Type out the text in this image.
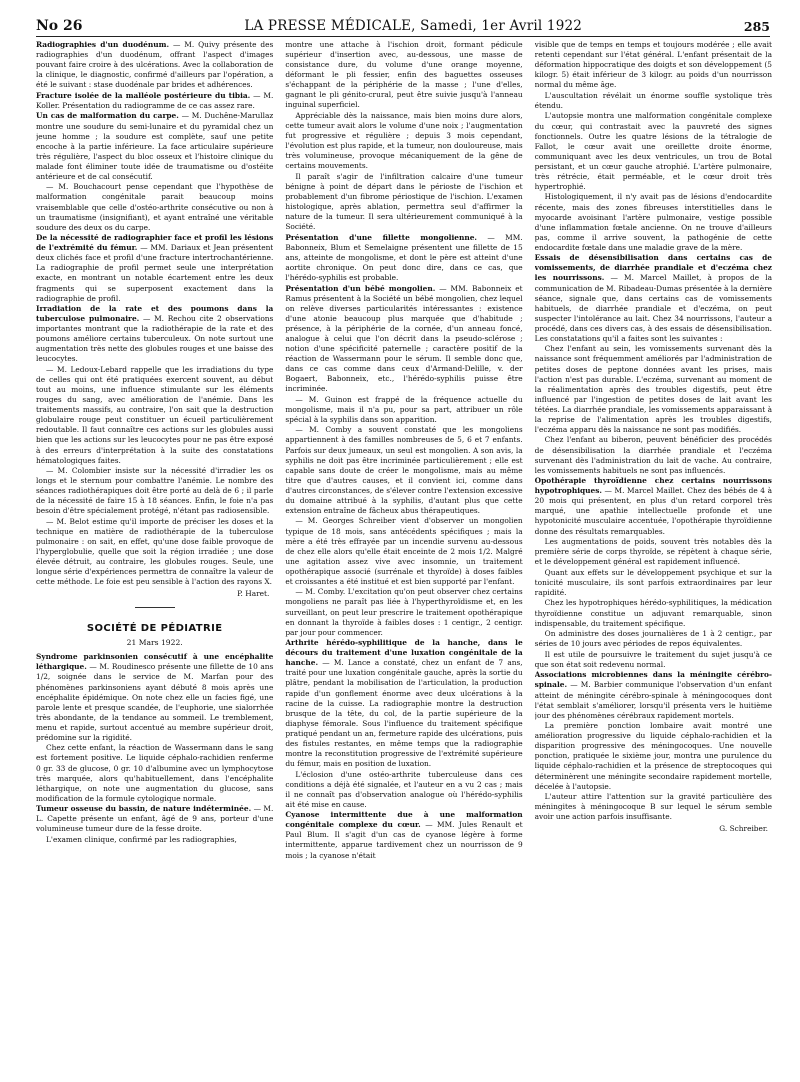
No 26	LA PRESSE MÉDICALE, Samedi, 1er Avril 1922	285

Radiographies d'un duodénum. — M. Quivy présente des radiographies d'un duodénum, offrant l'aspect d'images pouvant faire croire à des ulcérations. Avec la collaboration de la clinique, le diagnostic, confirmé d'ailleurs par l'opération, a été le suivant : stase duodénale par brides et adhérences.

Fracture isolée de la malléole postérieure du tibia. — M. Koller. Présentation du radiogramme de ce cas assez rare.

Un cas de malformation du carpe. — M. Duchêne-Marullaz montre une soudure du semi-lunaire et du pyramidal chez un jeune homme ; la soudure est complète, sauf une petite encoche à la partie inférieure. La face articulaire supérieure très régulière, l'aspect du bloc osseux et l'histoire clinique du malade font éliminer toute idée de traumatisme ou d'ostéite antérieure et de cal consécutif.

— M. Bouchacourt pense cependant que l'hypothèse de malformation congénitale parait beaucoup moins vraisemblable que celle d'ostéo-arthrite consécutive ou non à un traumatisme (insignifiant), et ayant entraîné une véritable soudure des deux os du carpe.

De la nécessité de radiographier face et profil les lésions de l'extrémité du fémur. — MM. Dariaux et Jean présentent deux clichés face et profil d'une fracture intertrochantérienne. La radiographie de profil permet seule une interprétation exacte, en montrant un notable écartement entre les deux fragments qui se superposent exactement dans la radiographie de profil.

Irradiation de la rate et des poumons dans la tuberculose pulmonaire. — M. Rechou cite 2 observations importantes montrant que la radiothérapie de la rate et des poumons améliore certains tuberculeux. On note surtout une augmentation très nette des globules rouges et une baisse des leucocytes.

— M. Ledoux-Lebard rappelle que les irradiations du type de celles qui ont été pratiquées exercent souvent, au début tout au moins, une influence stimulante sur les éléments rouges du sang, avec amélioration de l'anémie. Dans les traitements massifs, au contraire, l'on sait que la destruction globulaire rouge peut constituer un écueil particulièrement redoutable. Il faut connaître ces actions sur les globules aussi bien que les actions sur les leucocytes pour ne pas être exposé à des erreurs d'interprétation à la suite des constatations hématologiques faites.

— M. Colombier insiste sur la nécessité d'irradier les os longs et le sternum pour combattre l'anémie. Le nombre des séances radiothérapiques doit être porté au delà de 6 ; il parle de la nécessité de faire 15 à 18 séances. Enfin, le foie n'a pas besoin d'être spécialement protégé, n'étant pas radiosensible.

— M. Belot estime qu'il importe de préciser les doses et la technique en matière de radiothérapie de la tuberculose pulmonaire : on sait, en effet, qu'une dose faible provoque de l'hyperglobulie, quelle que soit la région irradiée ; une dose élevée détruit, au contraire, les globules rouges. Seule, une longue série d'expériences permettra de connaître la valeur de cette méthode. Le foie est peu sensible à l'action des rayons X.

P. Haret.
SOCIÉTÉ DE PÉDIATRIE
21 Mars 1922.

Syndrome parkinsonien consécutif à une encéphalite léthargique. — M. Roudinesco présente une fillette de 10 ans 1/2, soignée dans le service de M. Marfan pour des phénomènes parkinsoniens ayant débuté 8 mois après une encéphalite épidémique. On note chez elle un facies figé, une parole lente et presque scandée, de l'euphorie, une sialorrhée très abondante, de la tendance au sommeil. Le tremblement, menu et rapide, surtout accentué au membre supérieur droit, prédomine sur la rigidité.

Chez cette enfant, la réaction de Wassermann dans le sang est fortement positive. Le liquide céphalo-rachidien renferme 0 gr. 33 de glucose, 0 gr. 10 d'albumine avec un lymphocytose très marquée, alors qu'habituellement, dans l'encéphalite léthargique, on note une augmentation du glucose, sans modification de la formule cytologique normale.

Tumeur osseuse du bassin, de nature indéterminée. — M. L. Capette présente un enfant, âgé de 9 ans, porteur d'une volumineuse tumeur dure de la fesse droite.

L'examen clinique, confirmé par les radiographies,

montre une attache à l'ischion droit, formant pédicule supérieur d'insertion avec, au-dessous, une masse de consistance dure, du volume d'une orange moyenne, déformant le pli fessier, enfin des baguettes osseuses s'échappant de la périphérie de la masse ; l'une d'elles, gagnant le pli génito-crural, peut être suivie jusqu'à l'anneau inguinal superficiel.

Appréciable dès la naissance, mais bien moins dure alors, cette tumeur avait alors le volume d'une noix ; l'augmentation fut progressive et régulière ; depuis 3 mois cependant, l'évolution est plus rapide, et la tumeur, non douloureuse, mais très volumineuse, provoque mécaniquement de la gêne de certains mouvements.

Il paraît s'agir de l'infiltration calcaire d'une tumeur bénigne à point de départ dans le périoste de l'ischion et probablement d'un fibrome périostique de l'ischion. L'examen histologique, après ablation, permettra seul d'affirmer la nature de la tumeur. Il sera ultérieurement communiqué à la Société.

Présentation d'une fillette mongolienne. — MM. Babonneix, Blum et Semelaigne présentent une fillette de 15 ans, atteinte de mongolisme, et dont le père est atteint d'une aortite chronique. On peut donc dire, dans ce cas, que l'hérédo-syphilis est probable.

Présentation d'un bébé mongolien. — MM. Babonneix et Ramus présentent à la Société un bébé mongolien, chez lequel on relève diverses particularités intéressantes : existence d'une atonie beaucoup plus marquée que d'habitude ; présence, à la périphérie de la cornée, d'un anneau foncé, analogue à celui que l'on décrit dans la pseudo-sclérose ; notion d'une spécificité paternelle ; caractère positif de la réaction de Wassermann pour le sérum. Il semble donc que, dans ce cas comme dans ceux d'Armand-Delille, v. der Bogaert, Babonneix, etc., l'hérédo-syphilis puisse être incriminée.

— M. Guinon est frappé de la fréquence actuelle du mongolisme, mais il n'a pu, pour sa part, attribuer un rôle spécial à la syphilis dans son apparition.

— M. Comby a souvent constaté que les mongoliens appartiennent à des familles nombreuses de 5, 6 et 7 enfants. Parfois sur deux jumeaux, un seul est mongolien. A son avis, la syphilis ne doit pas être incriminée particulièrement ; elle est capable sans doute de créer le mongolisme, mais au même titre que d'autres causes, et il convient ici, comme dans d'autres circonstances, de s'élever contre l'extension excessive du domaine attribué à la syphilis, d'autant plus que cette extension entraîne de fâcheux abus thérapeutiques.

— M. Georges Schreiber vient d'observer un mongolien typique de 18 mois, sans antécédents spécifiques ; mais la mère a été très effrayée par un incendie survenu au-dessous de chez elle alors qu'elle était enceinte de 2 mois 1/2. Malgré une agitation assez vive avec insomnie, un traitement opothérapique associé (surrénale et thyroïde) à doses faibles et croissantes a été institué et est bien supporté par l'enfant.

— M. Comby. L'excitation qu'on peut observer chez certains mongoliens ne paraît pas liée à l'hyperthyroïdisme et, en les surveillant, on peut leur prescrire le traitement opothérapique en donnant la thyroïde à faibles doses : 1 centigr., 2 centigr. par jour pour commencer.

Arthrite hérédo-syphilitique de la hanche, dans le décours du traitement d'une luxation congénitale de la hanche. — M. Lance a constaté, chez un enfant de 7 ans, traité pour une luxation congénitale gauche, après la sortie du plâtre, pendant la mobilisation de l'articulation, la production rapide d'un gonflement énorme avec deux ulcérations à la racine de la cuisse. La radiographie montre la destruction brusque de la tête, du col, de la partie supérieure de la diaphyse fémorale. Sous l'influence du traitement spécifique pratiqué pendant un an, fermeture rapide des ulcérations, puis des fistules restantes, en même temps que la radiographie montre la reconstitution progressive de l'extrémité supérieure du fémur, mais en position de luxation.

L'éclosion d'une ostéo-arthrite tuberculeuse dans ces conditions a déjà été signalée, et l'auteur en a vu 2 cas ; mais il ne connaît pas d'observation analogue où l'hérédo-syphilis ait été mise en cause.

Cyanose intermittente due à une malformation congénitale complexe du cœur. — MM. Jules Renault et Paul Blum. Il s'agit d'un cas de cyanose légère à forme intermittente, apparue tardivement chez un nourrisson de 9 mois ; la cyanose n'était

visible que de temps en temps et toujours modérée ; elle avait retenti cependant sur l'état général. L'enfant présentait de la déformation hippocratique des doigts et son développement (5 kilogr. 5) était inférieur de 3 kilogr. au poids d'un nourrisson normal du même âge.

L'auscultation révélait un énorme souffle systolique très étendu.

L'autopsie montra une malformation congénitale complexe du cœur, qui contrastait avec la pauvreté des signes fonctionnels. Outre les quatre lésions de la tétralogie de Fallot, le cœur avait une oreillette droite énorme, communiquant avec les deux ventricules, un trou de Botal persistant, et un cœur gauche atrophié. L'artère pulmonaire, très rétrécie, était perméable, et le cœur droit très hypertrophié.

Histologiquement, il n'y avait pas de lésions d'endocardite récente, mais des zones fibreuses interstitielles dans le myocarde avoisinant l'artère pulmonaire, vestige possible d'une inflammation fœtale ancienne. On ne trouve d'ailleurs pas, comme il arrive souvent, la pathogénie de cette endocardite fœtale dans une maladie grave de la mère.

Essais de désensibilisation dans certains cas de vomissements, de diarrhée prandiale et d'eczéma chez les nourrissons. — M. Marcel Maillet, à propos de la communication de M. Ribadeau-Dumas présentée à la dernière séance, signale que, dans certains cas de vomissements habituels, de diarrhée prandiale et d'eczéma, on peut suspecter l'intolérance au lait. Chez 34 nourrissons, l'auteur a procédé, dans ces divers cas, à des essais de désensibilisation. Les constatations qu'il a faites sont les suivantes :

Chez l'enfant au sein, les vomissements survenant dès la naissance sont fréquemment améliorés par l'administration de petites doses de peptone données avant les prises, mais l'action n'est pas durable. L'eczéma, survenant au moment de la réalimentation après des troubles digestifs, peut être influencé par l'ingestion de petites doses de lait avant les tétées. La diarrhée prandiale, les vomissements apparaissant à la reprise de l'alimentation après les troubles digestifs, l'eczéma apparu dès la naissance ne sont pas modifiés.

Chez l'enfant au biberon, peuvent bénéficier des procédés de désensibilisation la diarrhée prandiale et l'eczéma survenant dès l'administration du lait de vache. Au contraire, les vomissements habituels ne sont pas influencés.

Opothérapie thyroïdienne chez certains nourrissons hypotrophiques. — M. Marcel Maillet. Chez des bébés de 4 à 20 mois qui présentent, en plus d'un retard corporel très marqué, une apathie intellectuelle profonde et une hypotonicité musculaire accentuée, l'opothérapie thyroïdienne donne des résultats remarquables.

Les augmentations de poids, souvent très notables dès la première série de corps thyroïde, se répètent à chaque série, et le développement général est rapidement influencé.

Quant aux effets sur le développement psychique et sur la tonicité musculaire, ils sont parfois extraordinaires par leur rapidité.

Chez les hypotrophiques hérédo-syphilitiques, la médication thyroïdienne constitue un adjuvant remarquable, sinon indispensable, du traitement spécifique.

On administre des doses journalières de 1 à 2 centigr., par séries de 10 jours avec périodes de repos équivalentes.

Il est utile de poursuivre le traitement du sujet jusqu'à ce que son état soit redevenu normal.

Associations microbiennes dans la méningite cérébro-spinale. — M. Barbier communique l'observation d'un enfant atteint de méningite cérébro-spinale à méningocoques dont l'état semblait s'améliorer, lorsqu'il présenta vers le huitième jour des phénomènes cérébraux rapidement mortels.

La première ponction lombaire avait montré une amélioration progressive du liquide céphalo-rachidien et la disparition progressive des méningocoques. Une nouvelle ponction, pratiquée le sixième jour, montra une purulence du liquide céphalo-rachidien et la présence de streptocoques qui déterminèrent une méningite secondaire rapidement mortelle, décelée à l'autopsie.

L'auteur attire l'attention sur la gravité particulière des méningites à méningocoque B sur lequel le sérum semble avoir une action parfois insuffisante.

G. Schreiber.
